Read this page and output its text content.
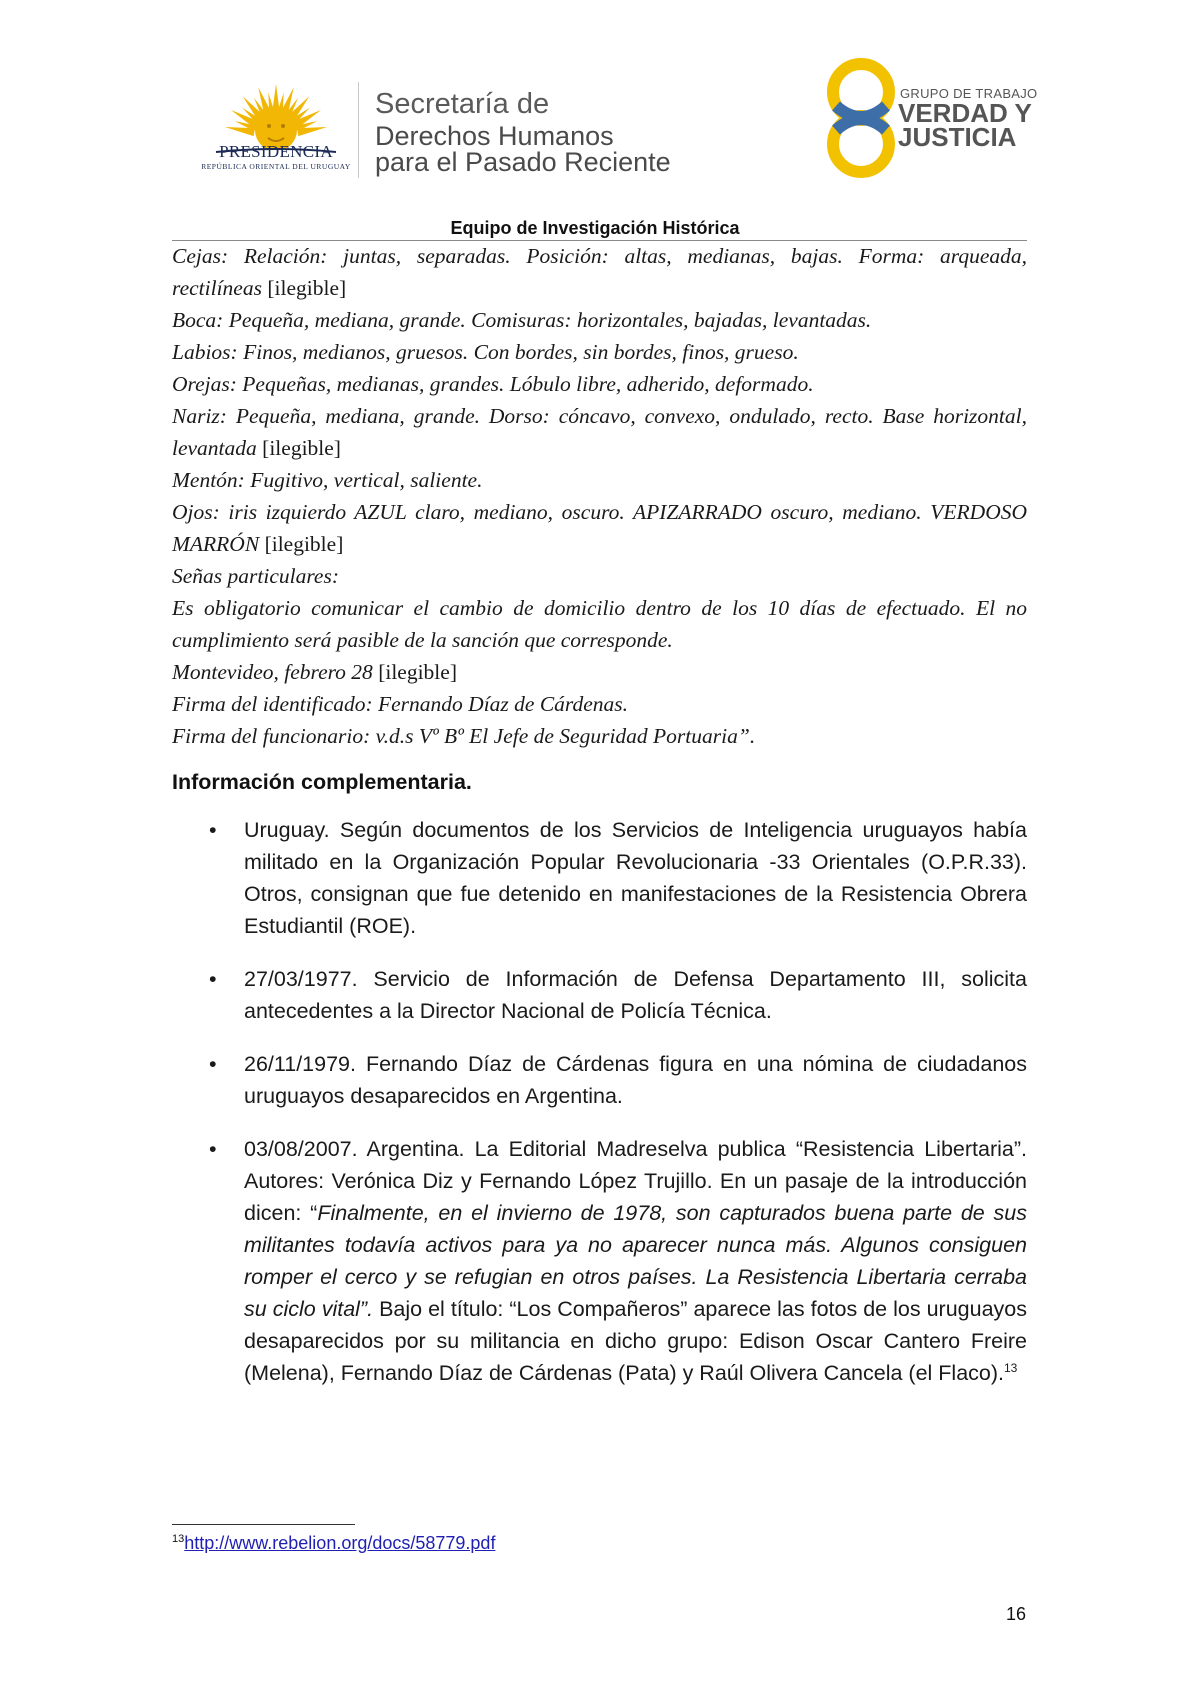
PRESIDENCIA
REPÚBLICA ORIENTAL DEL URUGUAY
Secretaría de
Derechos Humanos
para el Pasado Reciente
GRUPO DE TRABAJO
VERDAD Y
JUSTICIA
Equipo de Investigación Histórica

Cejas: Relación: juntas, separadas. Posición: altas, medianas, bajas. Forma: arqueada, rectilíneas [ilegible]

Boca: Pequeña, mediana, grande. Comisuras: horizontales, bajadas, levantadas.

Labios: Finos, medianos, gruesos. Con bordes, sin bordes, finos, grueso.

Orejas: Pequeñas, medianas, grandes. Lóbulo libre, adherido, deformado.

Nariz: Pequeña, mediana, grande. Dorso: cóncavo, convexo, ondulado, recto. Base horizontal, levantada [ilegible]

Mentón: Fugitivo, vertical, saliente.

Ojos: iris izquierdo AZUL claro, mediano, oscuro. APIZARRADO oscuro, mediano. VERDOSO MARRÓN [ilegible]

Señas particulares:

Es obligatorio comunicar el cambio de domicilio dentro de los 10 días de efectuado. El no cumplimiento será pasible de la sanción que corresponde.

Montevideo, febrero 28 [ilegible]

Firma del identificado: Fernando Díaz de Cárdenas.

Firma del funcionario: v.d.s Vº Bº El Jefe de Seguridad Portuaria”.

Información complementaria.
• Uruguay. Según documentos de los Servicios de Inteligencia uruguayos había militado en la Organización Popular Revolucionaria -33 Orientales (O.P.R.33). Otros, consignan que fue detenido en manifestaciones de la Resistencia Obrera Estudiantil (ROE).
• 27/03/1977. Servicio de Información de Defensa Departamento III, solicita antecedentes a la Director Nacional de Policía Técnica.
• 26/11/1979. Fernando Díaz de Cárdenas figura en una nómina de ciudadanos uruguayos desaparecidos en Argentina.
• 03/08/2007. Argentina. La Editorial Madreselva publica “Resistencia Libertaria”. Autores: Verónica Diz y Fernando López Trujillo. En un pasaje de la introducción dicen: “Finalmente, en el invierno de 1978, son capturados buena parte de sus militantes todavía activos para ya no aparecer nunca más. Algunos consiguen romper el cerco y se refugian en otros países. La Resistencia Libertaria cerraba su ciclo vital”. Bajo el título: “Los Compañeros” aparece las fotos de los uruguayos desaparecidos por su militancia en dicho grupo: Edison Oscar Cantero Freire (Melena), Fernando Díaz de Cárdenas (Pata) y Raúl Olivera Cancela (el Flaco).$^{13}$
$^{13}$http://www.rebelion.org/docs/58779.pdf
16
